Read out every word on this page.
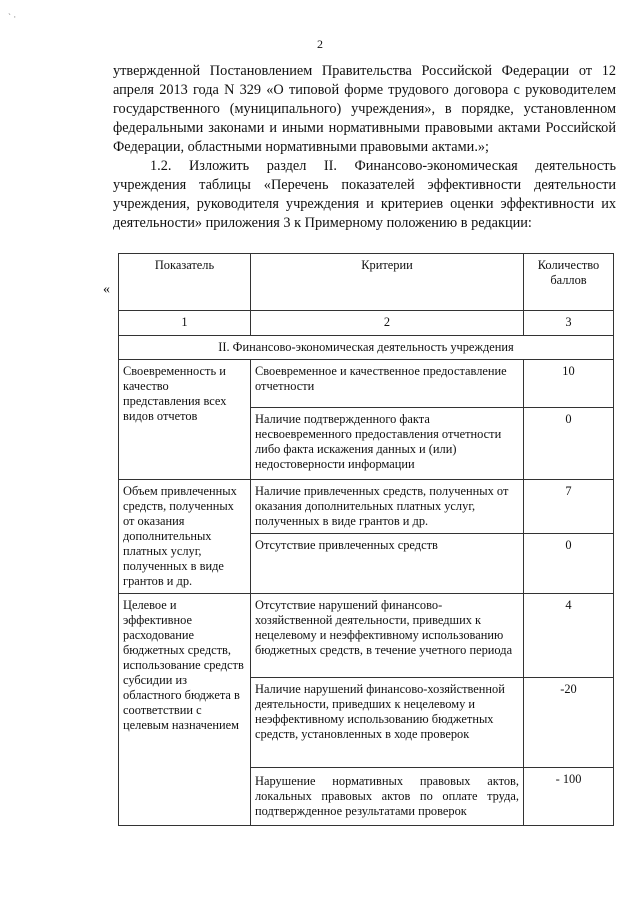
` ·
2

утвержденной Постановлением Правительства Российской Федерации от 12 апреля 2013 года N 329 «О типовой форме трудового договора с руководителем государственного (муниципального) учреждения», в порядке, установленном федеральными законами и иными нормативными правовыми актами Российской Федерации, областными нормативными правовыми актами.»;

1.2. Изложить раздел II. Финансово-экономическая деятельность учреждения таблицы «Перечень показателей эффективности деятельности учреждения, руководителя учреждения и критериев оценки эффективности их деятельности» приложения 3 к Примерному положению в редакции:

«
Показатель	Критерии	Количество баллов
1	2	3
II. Финансово-экономическая деятельность учреждения		
Своевременность и качество представления всех видов отчетов	Своевременное и качественное предоставление отчетности	10
	Наличие подтвержденного факта несвоевременного предоставления отчетности либо факта искажения данных и (или) недостоверности информации	0
Объем привлеченных средств, полученных от оказания дополнительных платных услуг, полученных в виде грантов и др.	Наличие привлеченных средств, полученных от оказания дополнительных платных услуг, полученных в виде грантов и др.	7
	Отсутствие привлеченных средств	0
Целевое и эффективное расходование бюджетных средств, использование средств субсидии из областного бюджета в соответствии с целевым назначением	Отсутствие нарушений финансово-хозяйственной деятельности, приведших к нецелевому и неэффективному использованию бюджетных средств, в течение учетного периода	4
	Наличие нарушений финансово-хозяйственной деятельности, приведших к нецелевому и неэффективному использованию бюджетных средств, установленных в ходе проверок	-20
	Нарушение нормативных правовых актов, локальных правовых актов по оплате труда, подтвержденное результатами проверок	- 100
